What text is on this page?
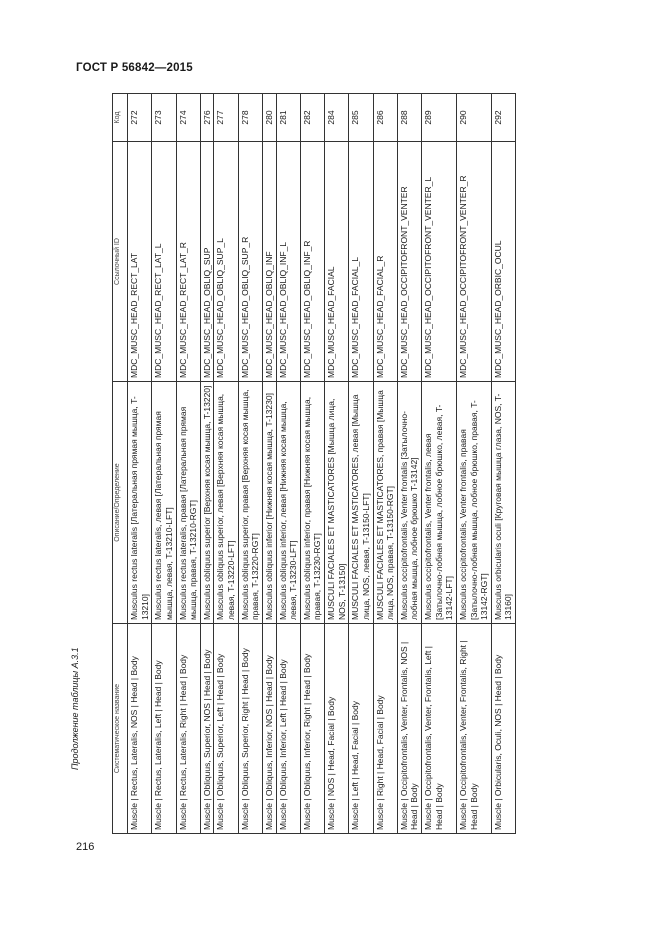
ГОСТ Р 56842—2015
216
Продолжение таблицы А.3.1	Систематическое название	Описание/Определение	Ссылочный ID	Код
Muscle | Rectus, Lateralis, NOS | Head | Body	Musculus rectus lateralis [Латеральная прямая мышца, T-13210]	MDC_MUSC_HEAD_RECT_LAT	272
Muscle | Rectus, Lateralis, Left | Head | Body	Musculus rectus lateralis, левая [Латеральная прямая мышца, левая, T-13210-LFT]	MDC_MUSC_HEAD_RECT_LAT_L	273
Muscle | Rectus, Lateralis, Right | Head | Body	Musculus rectus lateralis, правая [Латеральная прямая мышца, правая, T-13210-RGT]	MDC_MUSC_HEAD_RECT_LAT_R	274
Muscle | Obliquus, Superior, NOS | Head | Body	Musculus obliquus superior [Верхняя косая мышца, T-13220]	MDC_MUSC_HEAD_OBLIQ_SUP	276
Muscle | Obliquus, Superior, Left | Head | Body	Musculus obliquus superior, левая [Верхняя косая мышца, левая, T-13220-LFT]	MDC_MUSC_HEAD_OBLIQ_SUP_L	277
Muscle | Obliquus, Superior, Right | Head | Body	Musculus obliquus superior, правая [Верхняя косая мышца, правая, T-13220-RGT]	MDC_MUSC_HEAD_OBLIQ_SUP_R	278
Muscle | Obliquus, Inferior, NOS | Head | Body	Musculus obliquus inferior [Нижняя косая мышца, T-13230]	MDC_MUSC_HEAD_OBLIQ_INF	280
Muscle | Obliquus, Inferior, Left | Head | Body	Musculus obliquus inferior, левая [Нижняя косая мышца, левая, T-13230-LFT]	MDC_MUSC_HEAD_OBLIQ_INF_L	281
Muscle | Obliquus, Inferior, Right | Head | Body	Musculus obliquus inferior, правая [Нижняя косая мышца, правая, T-13230-RGT]	MDC_MUSC_HEAD_OBLIQ_INF_R	282
Muscle | NOS | Head, Facial | Body	MUSCULI FACIALES ET MASTICATORES [Мышца лица, NOS, T-13150]	MDC_MUSC_HEAD_FACIAL	284
Muscle | Left | Head, Facial | Body	MUSCULI FACIALES ET MASTICATORES, левая [Мышца лица, NOS, левая, T-13150-LFT]	MDC_MUSC_HEAD_FACIAL_L	285
Muscle | Right | Head, Facial | Body	MUSCULI FACIALES ET MASTICATORES, правая [Мышца лица, NOS, правая, T-13150-RGT]	MDC_MUSC_HEAD_FACIAL_R	286
Muscle | Occipitofrontalis, Venter, Frontalis, NOS | Head | Body	Musculus occipitofrontalis, Venter frontalis [Затылочно-лобная мышца, лобное брюшко T-13142]	MDC_MUSC_HEAD_OCCIPITOFRONT_VENTER	288
Muscle | Occipitofrontalis, Venter, Frontalis, Left | Head | Body	Musculus occipitofrontalis, Venter frontalis, левая [Затылочно-лобная мышца, лобное брюшко, левая, T-13142-LFT]	MDC_MUSC_HEAD_OCCIPITOFRONT_VENTER_L	289
Muscle | Occipitofrontalis, Venter, Frontalis, Right | Head | Body	Musculus occipitofrontalis, Venter frontalis, правая [Затылочно-лобная мышца, лобное брюшко, правая, T-13142-RGT]	MDC_MUSC_HEAD_OCCIPITOFRONT_VENTER_R	290
Muscle | Orbicularis, Oculi, NOS | Head | Body	Musculus orbicularis oculi [Круговая мышца глаза, NOS, T-13160]	MDC_MUSC_HEAD_ORBIC_OCUL	292
